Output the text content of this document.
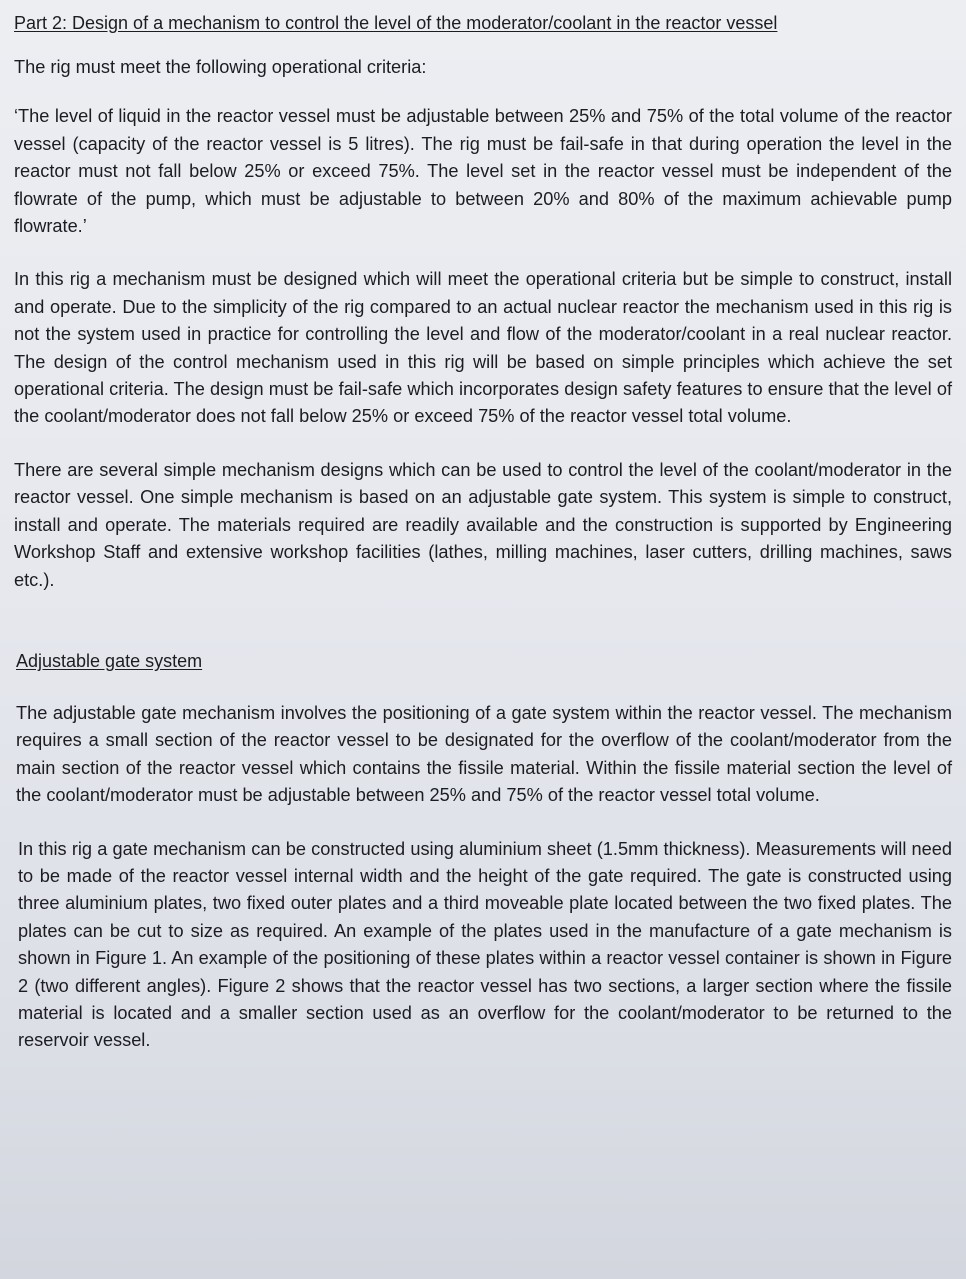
Part 2: Design of a mechanism to control the level of the moderator/coolant in the reactor vessel

The rig must meet the following operational criteria:

‘The level of liquid in the reactor vessel must be adjustable between 25% and 75% of the total volume of the reactor vessel (capacity of the reactor vessel is 5 litres). The rig must be fail-safe in that during operation the level in the reactor must not fall below 25% or exceed 75%. The level set in the reactor vessel must be independent of the flowrate of the pump, which must be adjustable to between 20% and 80% of the maximum achievable pump flowrate.’

In this rig a mechanism must be designed which will meet the operational criteria but be simple to construct, install and operate. Due to the simplicity of the rig compared to an actual nuclear reactor the mechanism used in this rig is not the system used in practice for controlling the level and flow of the moderator/coolant in a real nuclear reactor. The design of the control mechanism used in this rig will be based on simple principles which achieve the set operational criteria. The design must be fail-safe which incorporates design safety features to ensure that the level of the coolant/moderator does not fall below 25% or exceed 75% of the reactor vessel total volume.

There are several simple mechanism designs which can be used to control the level of the coolant/moderator in the reactor vessel. One simple mechanism is based on an adjustable gate system. This system is simple to construct, install and operate. The materials required are readily available and the construction is supported by Engineering Workshop Staff and extensive workshop facilities (lathes, milling machines, laser cutters, drilling machines, saws etc.).

Adjustable gate system

The adjustable gate mechanism involves the positioning of a gate system within the reactor vessel. The mechanism requires a small section of the reactor vessel to be designated for the overflow of the coolant/moderator from the main section of the reactor vessel which contains the fissile material. Within the fissile material section the level of the coolant/moderator must be adjustable between 25% and 75% of the reactor vessel total volume.

In this rig a gate mechanism can be constructed using aluminium sheet (1.5mm thickness). Measurements will need to be made of the reactor vessel internal width and the height of the gate required. The gate is constructed using three aluminium plates, two fixed outer plates and a third moveable plate located between the two fixed plates. The plates can be cut to size as required. An example of the plates used in the manufacture of a gate mechanism is shown in Figure 1. An example of the positioning of these plates within a reactor vessel container is shown in Figure 2 (two different angles). Figure 2 shows that the reactor vessel has two sections, a larger section where the fissile material is located and a smaller section used as an overflow for the coolant/moderator to be returned to the reservoir vessel.
